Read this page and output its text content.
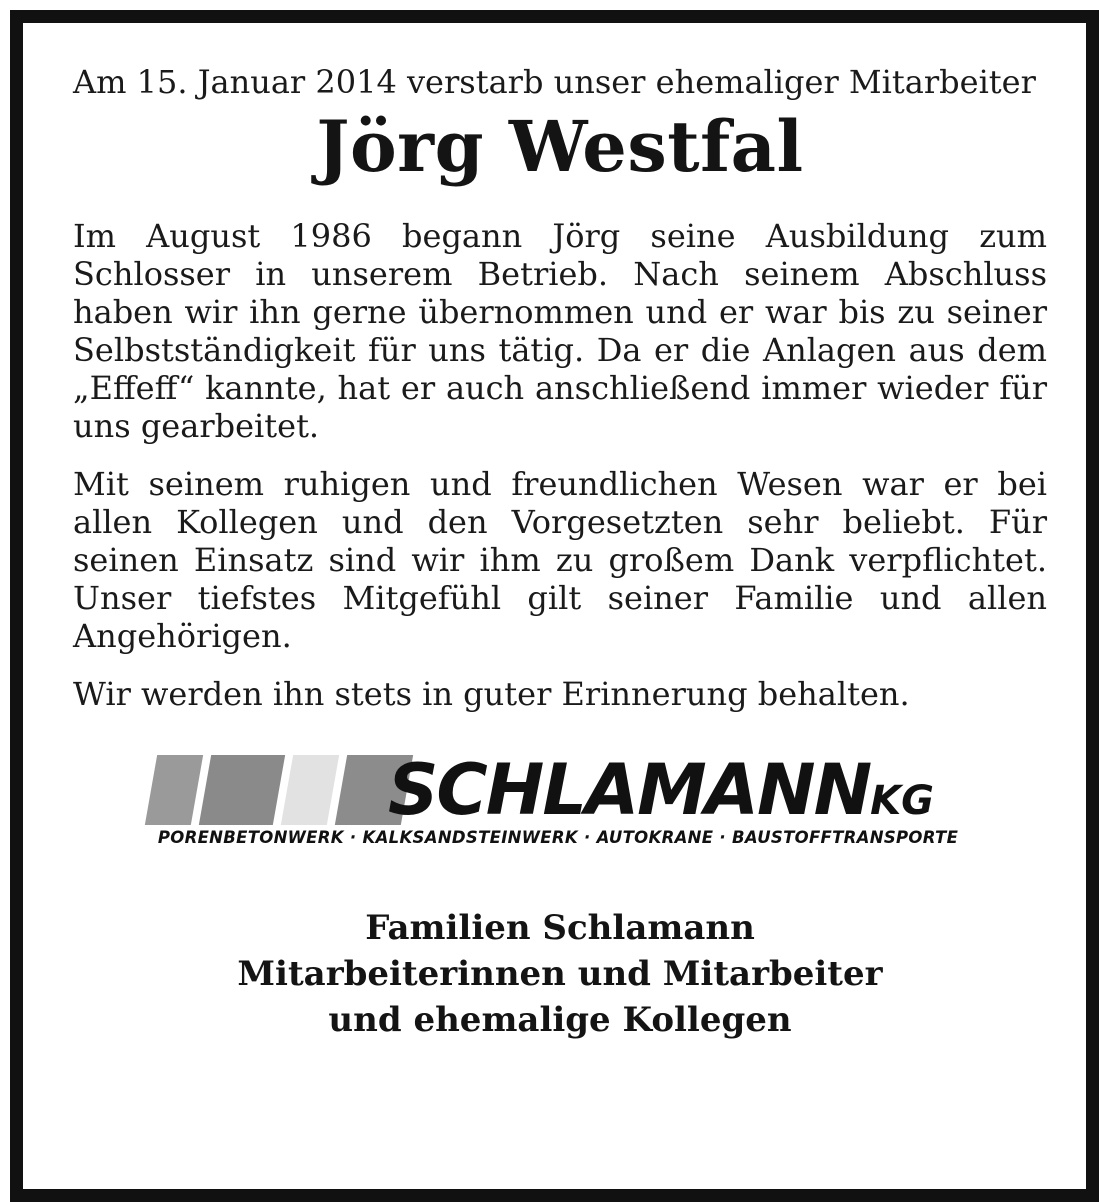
Am 15. Januar 2014 verstarb unser ehemaliger Mitarbeiter

Jörg Westfal

Im August 1986 begann Jörg seine Ausbildung zum Schlosser in unserem Betrieb. Nach seinem Abschluss haben wir ihn gerne übernommen und er war bis zu seiner Selbstständigkeit für uns tätig. Da er die Anlagen aus dem „Effeff“ kannte, hat er auch anschließend immer wieder für uns gearbeitet.

Mit seinem ruhigen und freundlichen Wesen war er bei allen Kollegen und den Vorgesetzten sehr beliebt. Für seinen Einsatz sind wir ihm zu großem Dank verpflichtet. Unser tiefstes Mitgefühl gilt seiner Familie und allen Angehörigen.

Wir werden ihn stets in guter Erinnerung behalten.

SCHLAMANNKG
PORENBETONWERK · KALKSANDSTEINWERK · AUTOKRANE · BAUSTOFFTRANSPORTE
Familien Schlamann
Mitarbeiterinnen und Mitarbeiter
und ehemalige Kollegen
